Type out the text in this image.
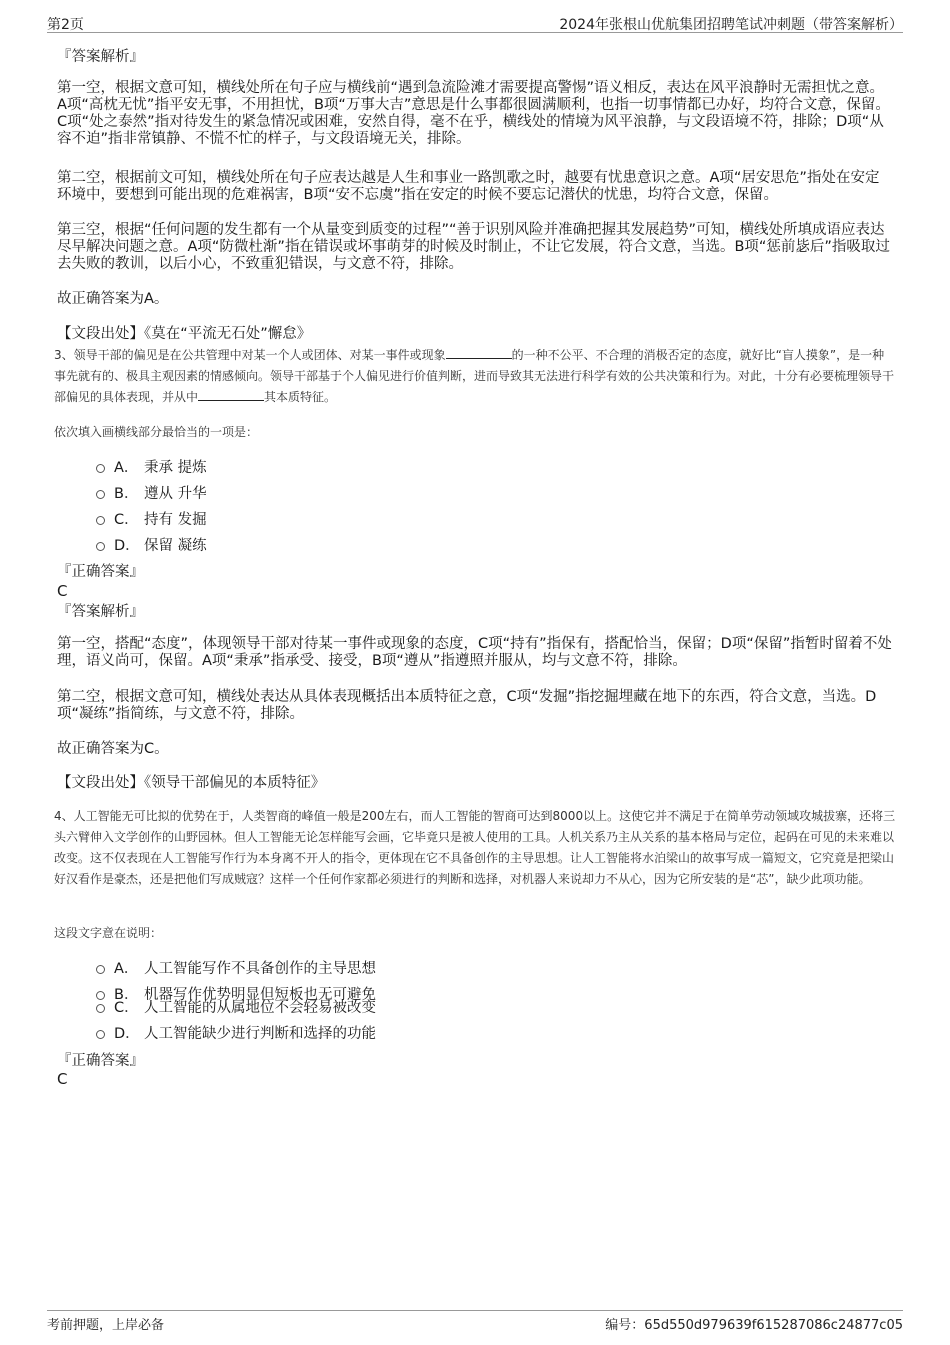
第2页	2024年张根山优航集团招聘笔试冲刺题（带答案解析）
『答案解析』
第一空，根据文意可知，横线处所在句子应与横线前“遇到急流险滩才需要提高警惕”语义相反，表达在风平浪静时无需担忧之意。A项“高枕无忧”指平安无事，不用担忧，B项“万事大吉”意思是什么事都很圆满顺利，也指一切事情都已办好，均符合文意，保留。C项“处之泰然”指对待发生的紧急情况或困难，安然自得，毫不在乎，横线处的情境为风平浪静，与文段语境不符，排除；D项“从容不迫”指非常镇静、不慌不忙的样子，与文段语境无关，排除。
第二空，根据前文可知，横线处所在句子应表达越是人生和事业一路凯歌之时，越要有忧患意识之意。A项“居安思危”指处在安定环境中，要想到可能出现的危难祸害，B项“安不忘虞”指在安定的时候不要忘记潜伏的忧患，均符合文意，保留。
第三空，根据“任何问题的发生都有一个从量变到质变的过程”“善于识别风险并准确把握其发展趋势”可知，横线处所填成语应表达尽早解决问题之意。A项“防微杜渐”指在错误或坏事萌芽的时候及时制止，不让它发展，符合文意，当选。B项“惩前毖后”指吸取过去失败的教训，以后小心，不致重犯错误，与文意不符，排除。
故正确答案为A。
【文段出处】《莫在“平流无石处”懈怠》
3、领导干部的偏见是在公共管理中对某一个人或团体、对某一事件或现象	的一种不公平、不合理的消极否定的态度，就好比“盲人摸象”，是一种事先就有的、极具主观因素的情感倾向。领导干部基于个人偏见进行价值判断，进而导致其无法进行科学有效的公共决策和行为。对此，十分有必要梳理领导干部偏见的具体表现，并从中	其本质特征。
依次填入画横线部分最恰当的一项是：
A． 秉承 提炼
B． 遵从 升华
C． 持有 发掘
D． 保留 凝练
『正确答案』
C
『答案解析』
第一空，搭配“态度”，体现领导干部对待某一事件或现象的态度，C项“持有”指保有，搭配恰当，保留；D项“保留”指暂时留着不处理，语义尚可，保留。A项“秉承”指承受、接受，B项“遵从”指遵照并服从，均与文意不符，排除。
第二空，根据文意可知，横线处表达从具体表现概括出本质特征之意，C项“发掘”指挖掘埋藏在地下的东西，符合文意，当选。D项“凝练”指简练，与文意不符，排除。
故正确答案为C。
【文段出处】《领导干部偏见的本质特征》
4、人工智能无可比拟的优势在于，人类智商的峰值一般是200左右，而人工智能的智商可达到8000以上。这使它并不满足于在简单劳动领域攻城拔寨，还将三头六臂伸入文学创作的山野园林。但人工智能无论怎样能写会画，它毕竟只是被人使用的工具。人机关系乃主从关系的基本格局与定位，起码在可见的未来难以改变。这不仅表现在人工智能写作行为本身离不开人的指令，更体现在它不具备创作的主导思想。让人工智能将水泊梁山的故事写成一篇短文，它究竟是把梁山好汉看作是豪杰，还是把他们写成贼寇？这样一个任何作家都必须进行的判断和选择，对机器人来说却力不从心，因为它所安装的是“芯”，缺少此项功能。
这段文字意在说明：
A． 人工智能写作不具备创作的主导思想
B． 机器写作优势明显但短板也无可避免
C． 人工智能的从属地位不会轻易被改变
D． 人工智能缺少进行判断和选择的功能
『正确答案』
C
考前押题，上岸必备	编号：65d550d979639f615287086c24877c05
